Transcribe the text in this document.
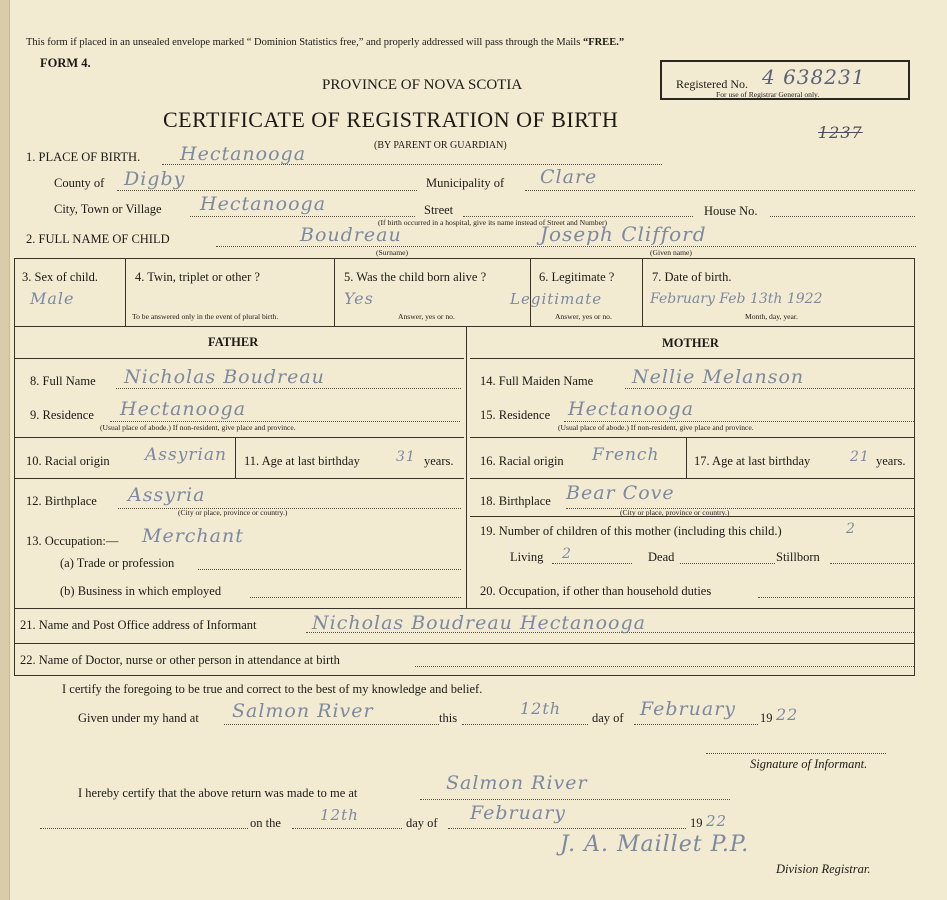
This form if placed in an unsealed envelope marked “ Dominion Statistics free,” and properly addressed will pass through the Mails “FREE.”
FORM 4.
PROVINCE OF NOVA SCOTIA
CERTIFICATE OF REGISTRATION OF BIRTH
(BY PARENT OR GUARDIAN)
Registered No. 4 638231
For use of Registrar General only.
1237
1. PLACE OF BIRTH. Hectanooga
County of Digby	Municipality of Clare
City, Town or Village Hectanooga	Street	House No.
(If birth occurred in a hospital, give its name instead of Street and Number)
2. FULL NAME OF CHILD	Boudreau
(Surname)
Joseph Clifford
(Given name)
3. Sex of child.
Male
4. Twin, triplet or other ?
To be answered only in the event of plural birth.
5. Was the child born alive ?
Yes
Answer, yes or no.
6. Legitimate ?
Legitimate
Answer, yes or no.
7. Date of birth.
February Feb 13th 1922
Month, day, year.
FATHER	MOTHER
8. Full Name Nicholas Boudreau
9. Residence Hectanooga
(Usual place of abode.) If non-resident, give place and province.
10. Racial origin Assyrian 11. Age at last birthday	31 years.
12. Birthplace Assyria
(City or place, province or country.)
13. Occupation:— Merchant
(a) Trade or profession
(b) Business in which employed
14. Full Maiden Name Nellie Melanson
15. Residence Hectanooga
(Usual place of abode.) If non-resident, give place and province.
16. Racial origin French	17. Age at last birthday	21 years.
18. Birthplace Bear Cove
(City or place, province or country.)
19. Number of children of this mother (including this child.)	2
Living 2	Dead	Stillborn
20. Occupation, if other than household duties
21. Name and Post Office address of Informant	Nicholas Boudreau Hectanooga
22. Name of Doctor, nurse or other person in attendance at birth
I certify the foregoing to be true and correct to the best of my knowledge and belief.
Given under my hand at Salmon River	this	12th day of February 19 22
Signature of Informant.
I hereby certify that the above return was made to me at	Salmon River
on the	12th	day of February	19 22
J. A. Maillet P.P.
Division Registrar.
